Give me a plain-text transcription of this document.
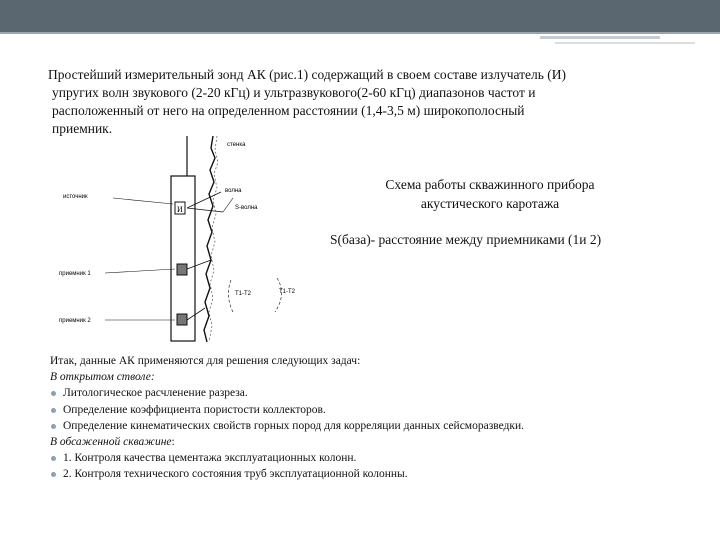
Простейший измерительный зонд АК (рис.1) содержащий в своем составе излучатель (И)
упругих волн звукового (2-20 кГц) и ультразвукового(2-60 кГц) диапазонов частот и
расположенный от него на определенном расстоянии (1,4-3,5 м) широкополосный
приемник.

И
стенка
источник
волна
S-волна
приемник 1
T1-T2	T1-T2
приемник 2

Схема работы скважинного прибора
акустического каротажа

S(база)- расстояние между приемниками (1и 2)

Итак, данные АК применяются для решения следующих задач:

В открытом стволе:

Литологическое расчленение разреза.
Определение коэффициента пористости коллекторов.
Определение кинематических свойств горных пород для корреляции данных сейсморазведки.

В обсаженной скважине:

1. Контроля качества цементажа эксплуатационных колонн.
2. Контроля технического состояния труб эксплуатационной колонны.
